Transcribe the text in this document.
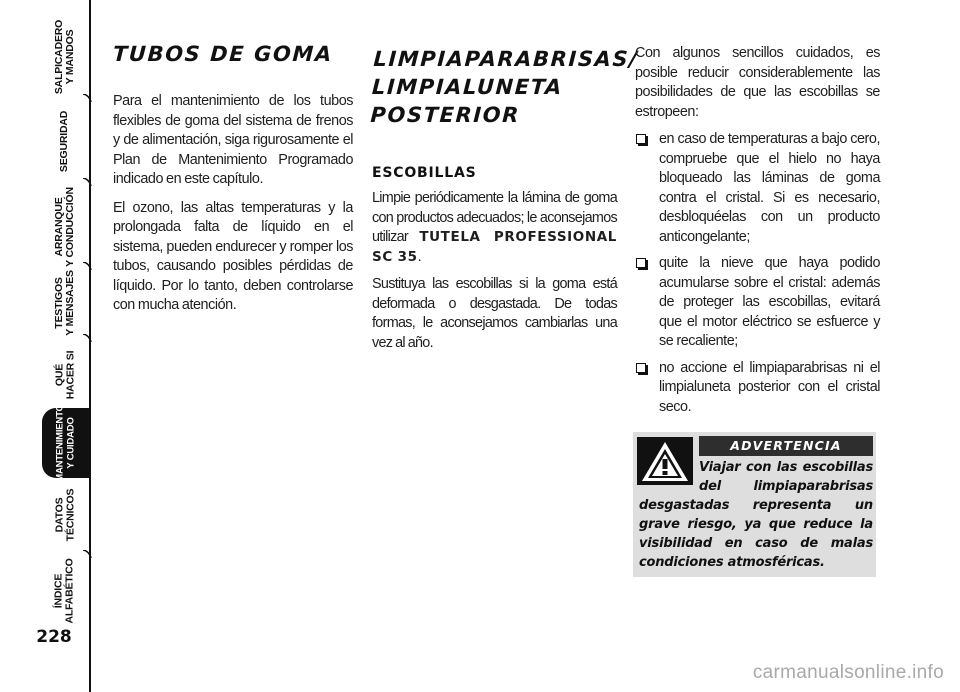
SALPICADERO
Y MANDOS
SEGURIDAD
ARRANQUE
Y CONDUCCIÓN
TESTIGOS
Y MENSAJES
QUÉ
HACER SI
MANTENIMIENTO
Y CUIDADO
DATOS
TÉCNICOS
ÍNDICE
ALFABÉTICO
228
TUBOS DE GOMA

Para el mantenimiento de los tubos flexibles de goma del sistema de frenos y de alimentación, siga rigurosamente el Plan de Mantenimiento Programado indicado en este capítulo.

El ozono, las altas temperaturas y la prolongada falta de líquido en el sistema, pueden endurecer y romper los tubos, causando posibles pérdidas de líquido. Por lo tanto, deben controlarse con mucha atención.

LIMPIAPARABRISAS/ LIMPIALUNETA POSTERIOR
ESCOBILLAS

Limpie periódicamente la lámina de goma con productos adecuados; le aconsejamos utilizar TUTELA PROFESSIONAL SC 35.

Sustituya las escobillas si la goma está deformada o desgastada. De todas formas, le aconsejamos cambiarlas una vez al año.

Con algunos sencillos cuidados, es posible reducir considerablemente las posibilidades de que las escobillas se estropeen:

en caso de temperaturas a bajo cero, compruebe que el hielo no haya bloqueado las láminas de goma contra el cristal. Si es necesario, desbloquéelas con un producto anticongelante;
quite la nieve que haya podido acumularse sobre el cristal: además de proteger las escobillas, evitará que el motor eléctrico se esfuerce y se recaliente;
no accione el limpiaparabrisas ni el limpialuneta posterior con el cristal seco.
ADVERTENCIA

Viajar con las escobillas del limpiaparabrisas desgastadas representa un grave riesgo, ya que reduce la visibilidad en caso de malas condiciones atmosféricas.

carmanualsonline.info
